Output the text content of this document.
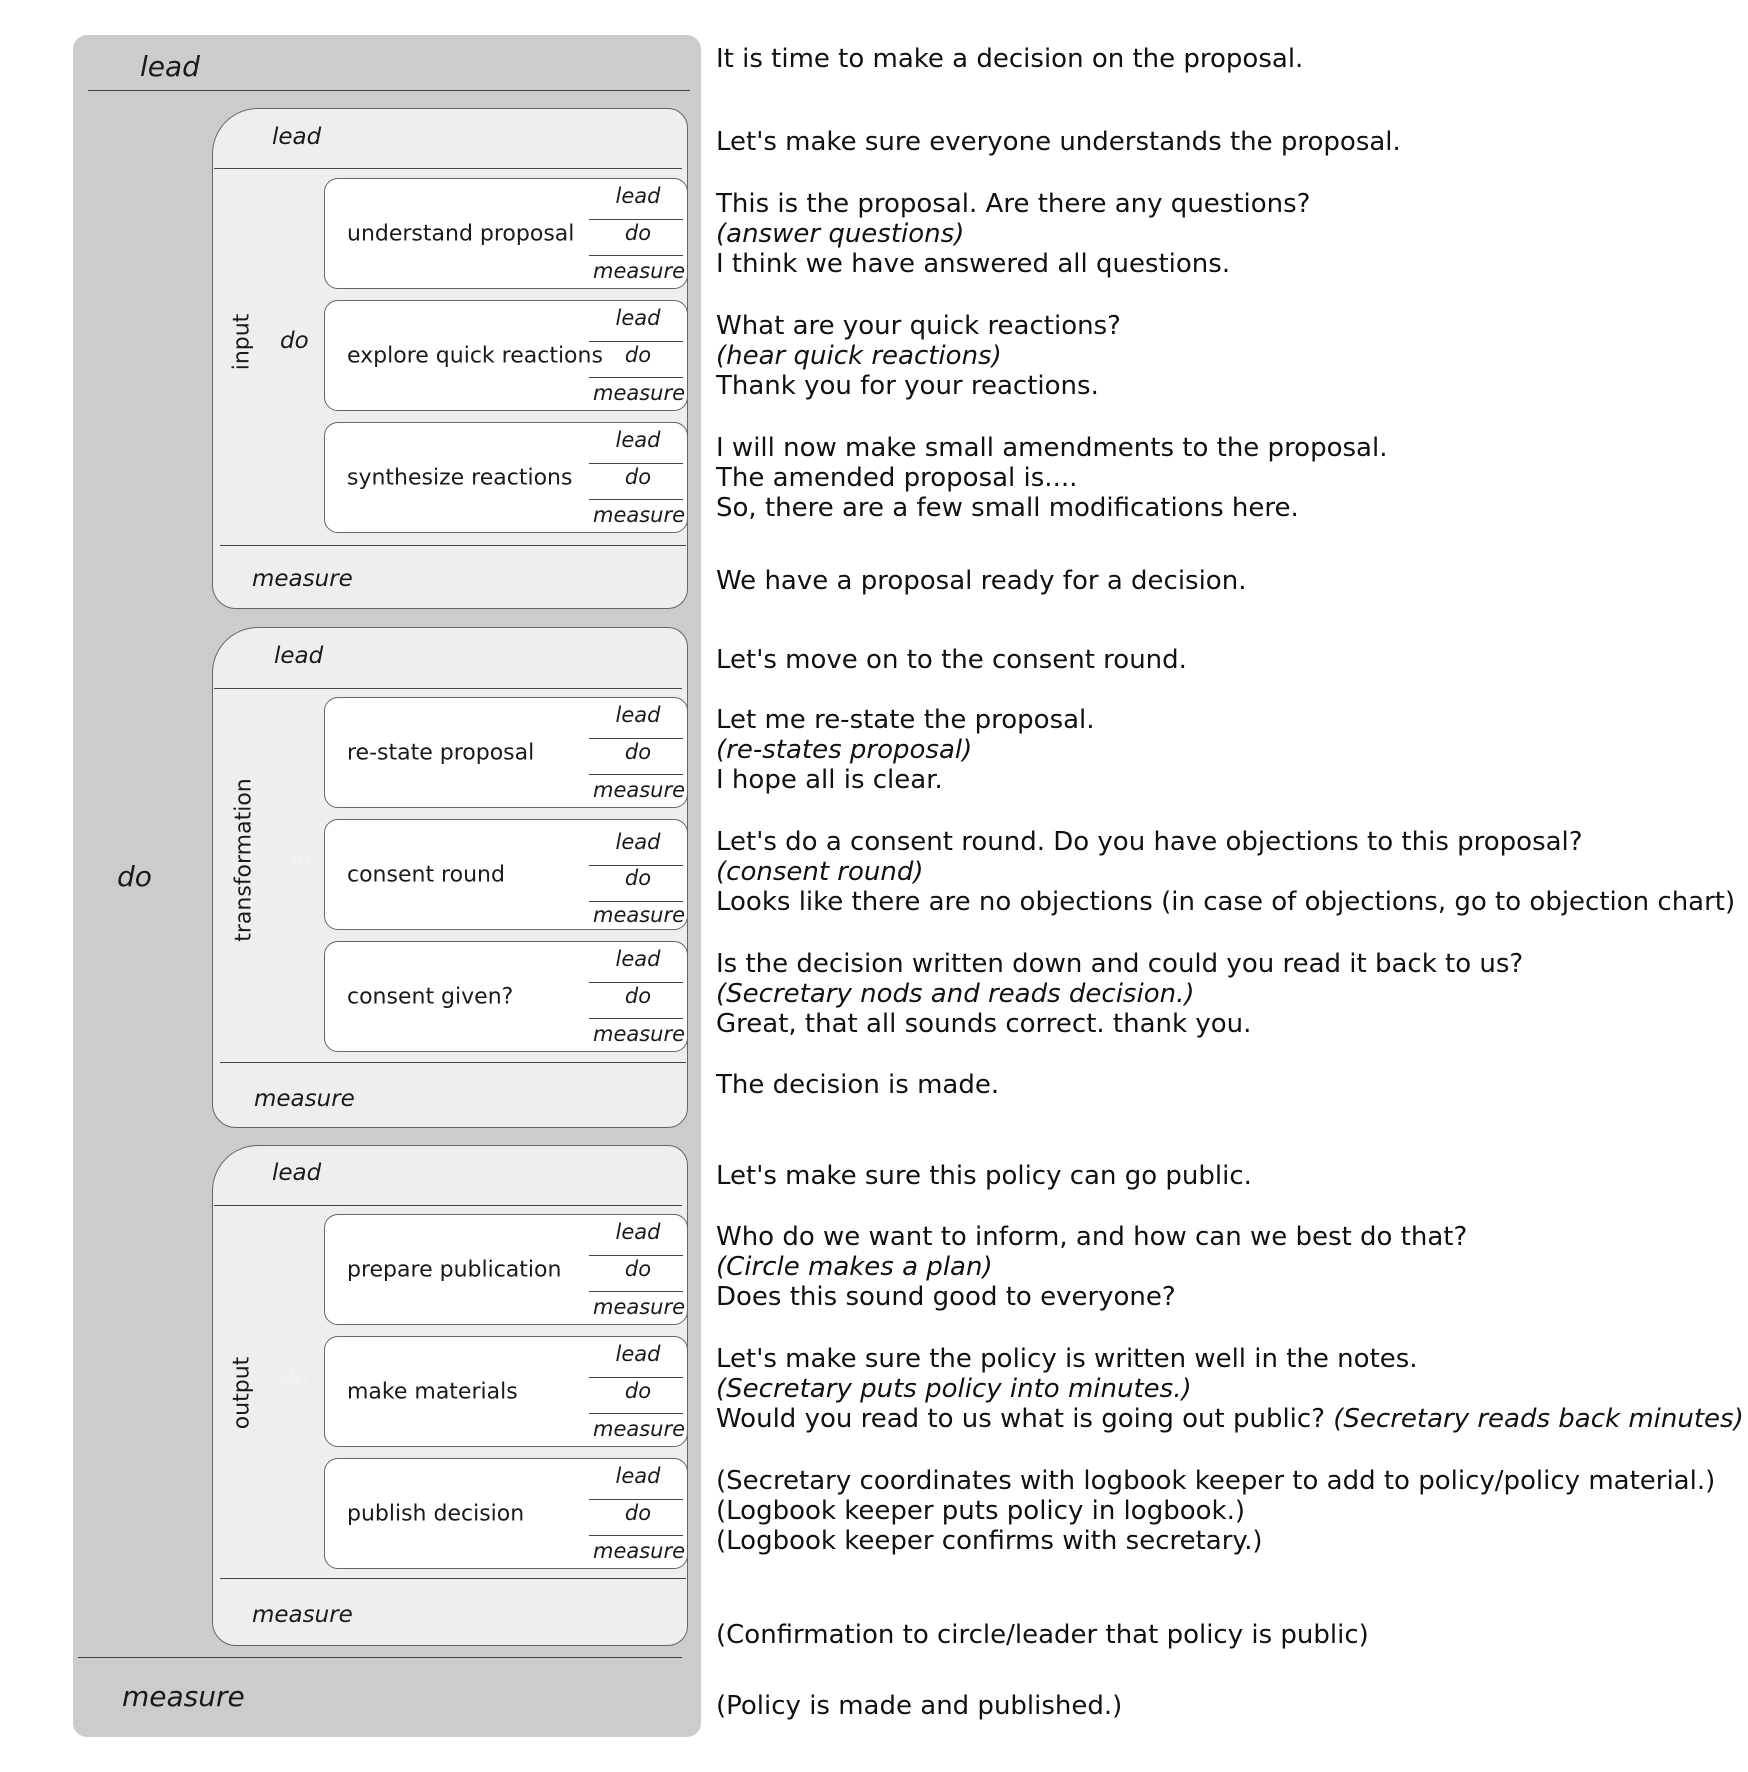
lead
do
measure
lead
input do
measure
understand proposal
lead
do
measure
explore quick reactions
lead
do
measure
synthesize reactions
lead
do
measure
lead
transformation do
measure
re-state proposal
lead
do
measure
consent round
lead
do
measure
consent given?
lead
do
measure
lead
output do
measure
prepare publication
lead
do
measure
make materials
lead
do
measure
publish decision
lead
do
measure
It is time to make a decision on the proposal.
Let's make sure everyone understands the proposal.
This is the proposal. Are there any questions?
(answer questions)
I think we have answered all questions.
What are your quick reactions?
(hear quick reactions)
Thank you for your reactions.
I will now make small amendments to the proposal.
The amended proposal is....
So, there are a few small modifications here.
We have a proposal ready for a decision.
Let's move on to the consent round.
Let me re-state the proposal.
(re-states proposal)
I hope all is clear.
Let's do a consent round. Do you have objections to this proposal?
(consent round)
Looks like there are no objections (in case of objections, go to objection chart)
Is the decision written down and could you read it back to us?
(Secretary nods and reads decision.)
Great, that all sounds correct. thank you.
The decision is made.
Let's make sure this policy can go public.
Who do we want to inform, and how can we best do that?
(Circle makes a plan)
Does this sound good to everyone?
Let's make sure the policy is written well in the notes.
(Secretary puts policy into minutes.)
Would you read to us what is going out public? (Secretary reads back minutes)
(Secretary coordinates with logbook keeper to add to policy/policy material.)
(Logbook keeper puts policy in logbook.)
(Logbook keeper confirms with secretary.)
(Confirmation to circle/leader that policy is public)
(Policy is made and published.)
